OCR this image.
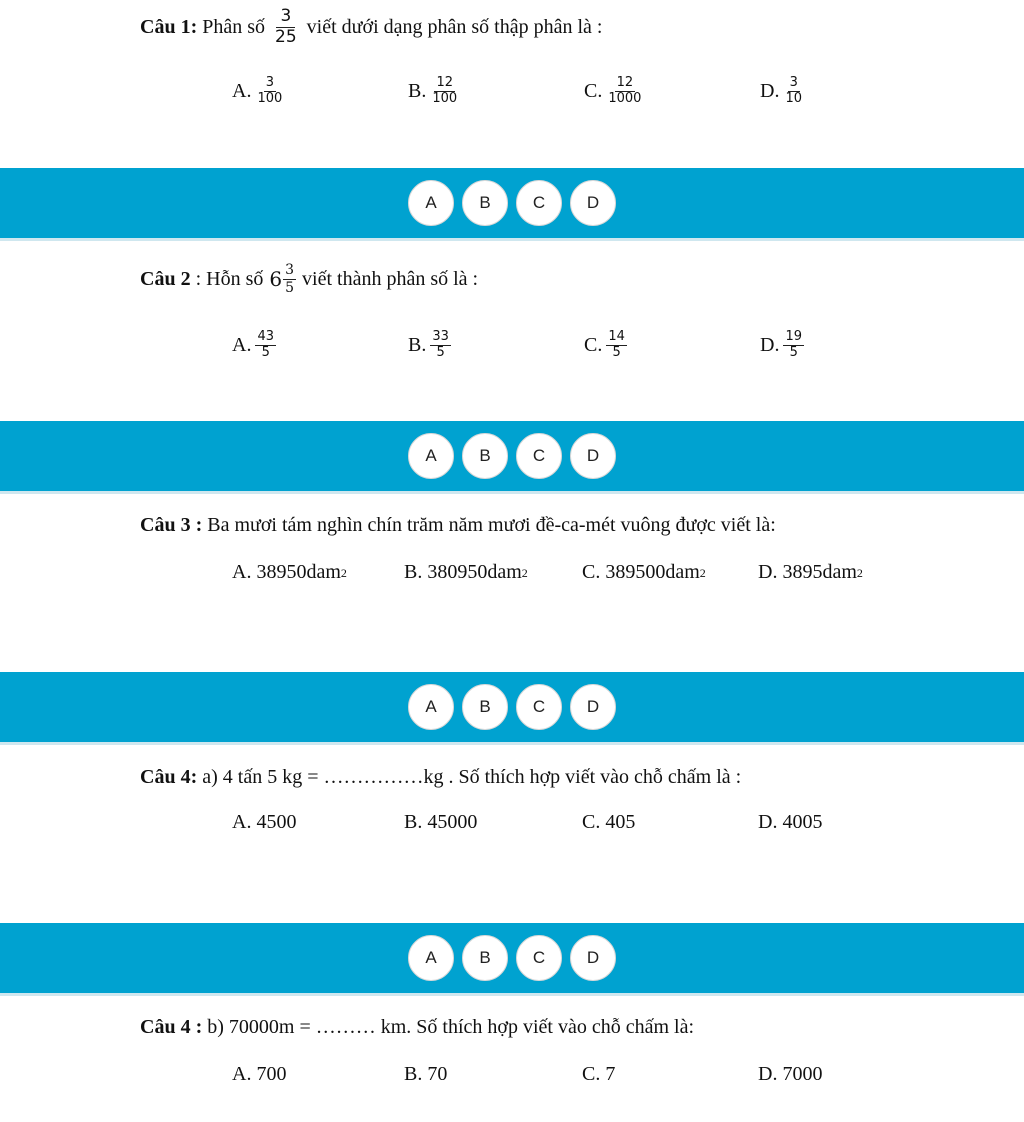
Câu 1:
Phân số $\frac{3}{25}$ viết dưới dạng phân số thập phân là :
A. $\frac{3}{100}$	B. $\frac{12}{100}$	C. $\frac{12}{1000}$	D. $\frac{3}{10}$
A	B	C	D
Câu 2
: Hỗn số $6 \frac{3}{5}$ viết thành phân số là :
A. $\frac{43}{5}$	B. $\frac{33}{5}$	C. $\frac{14}{5}$	D. $\frac{19}{5}$
A	B	C	D
Câu 3 :
Ba mươi tám nghìn chín trăm năm mươi đề-ca-mét vuông được viết là:
A. 38950dam 2	B. 380950dam 2	C. 389500dam 2	D. 3895dam 2
A	B	C	D
Câu 4:
a) 4 tấn 5 kg = ……………kg . Số thích hợp viết vào chỗ chấm là :
A. 4500	B. 45000	C. 405	D. 4005
A	B	C	D
Câu 4 :
b) 70000m = ……… km. Số thích hợp viết vào chỗ chấm là:
A. 700	B. 70	C. 7	D. 7000
